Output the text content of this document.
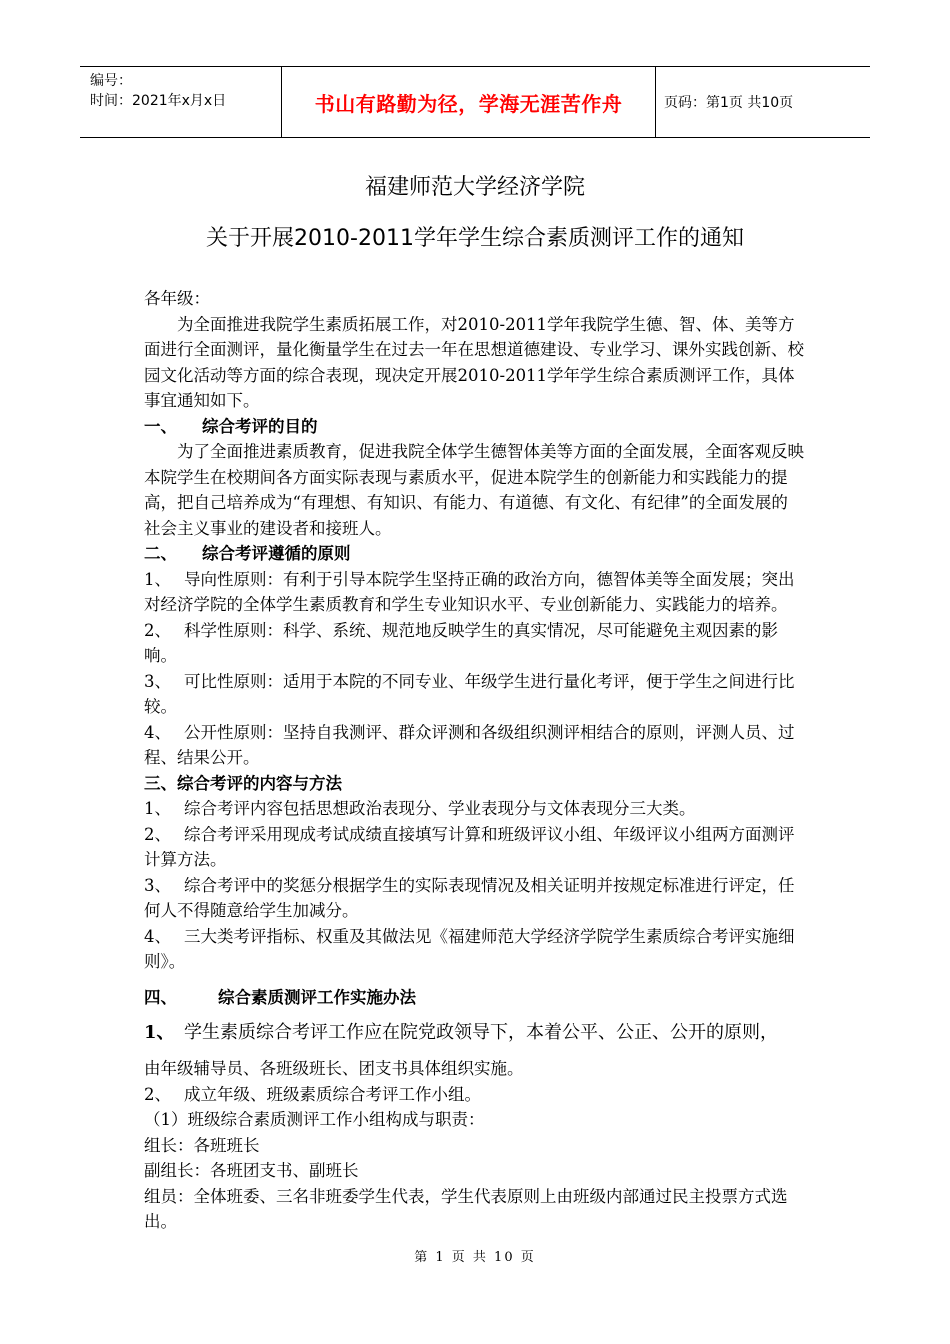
编号：
时间：2021年x月x日	书山有路勤为径，学海无涯苦作舟	页码：第1页 共10页
福建师范大学经济学院
关于开展2010-2011学年学生综合素质测评工作的通知

各年级：

为全面推进我院学生素质拓展工作，对2010-2011学年我院学生德、智、体、美等方面进行全面测评，量化衡量学生在过去一年在思想道德建设、专业学习、课外实践创新、校园文化活动等方面的综合表现，现决定开展2010-2011学年学生综合素质测评工作，具体事宜通知如下。

一、 综合考评的目的

为了全面推进素质教育，促进我院全体学生德智体美等方面的全面发展，全面客观反映本院学生在校期间各方面实际表现与素质水平，促进本院学生的创新能力和实践能力的提高，把自己培养成为“有理想、有知识、有能力、有道德、有文化、有纪律”的全面发展的社会主义事业的建设者和接班人。

二、 综合考评遵循的原则

1、 导向性原则：有利于引导本院学生坚持正确的政治方向，德智体美等全面发展；突出对经济学院的全体学生素质教育和学生专业知识水平、专业创新能力、实践能力的培养。

2、 科学性原则：科学、系统、规范地反映学生的真实情况，尽可能避免主观因素的影响。

3、 可比性原则：适用于本院的不同专业、年级学生进行量化考评，便于学生之间进行比较。

4、 公开性原则：坚持自我测评、群众评测和各级组织测评相结合的原则，评测人员、过程、结果公开。

三、综合考评的内容与方法

1、 综合考评内容包括思想政治表现分、学业表现分与文体表现分三大类。

2、 综合考评采用现成考试成绩直接填写计算和班级评议小组、年级评议小组两方面测评计算方法。

3、 综合考评中的奖惩分根据学生的实际表现情况及相关证明并按规定标准进行评定，任何人不得随意给学生加减分。

4、 三大类考评指标、权重及其做法见《福建师范大学经济学院学生素质综合考评实施细则》。

四、 综合素质测评工作实施办法

1、 学生素质综合考评工作应在院党政领导下，本着公平、公正、公开的原则，

由年级辅导员、各班级班长、团支书具体组织实施。

2、 成立年级、班级素质综合考评工作小组。

（1）班级综合素质测评工作小组构成与职责：

组长：各班班长

副组长：各班团支书、副班长

组员：全体班委、三名非班委学生代表，学生代表原则上由班级内部通过民主投票方式选出。

第 1 页 共 10 页
